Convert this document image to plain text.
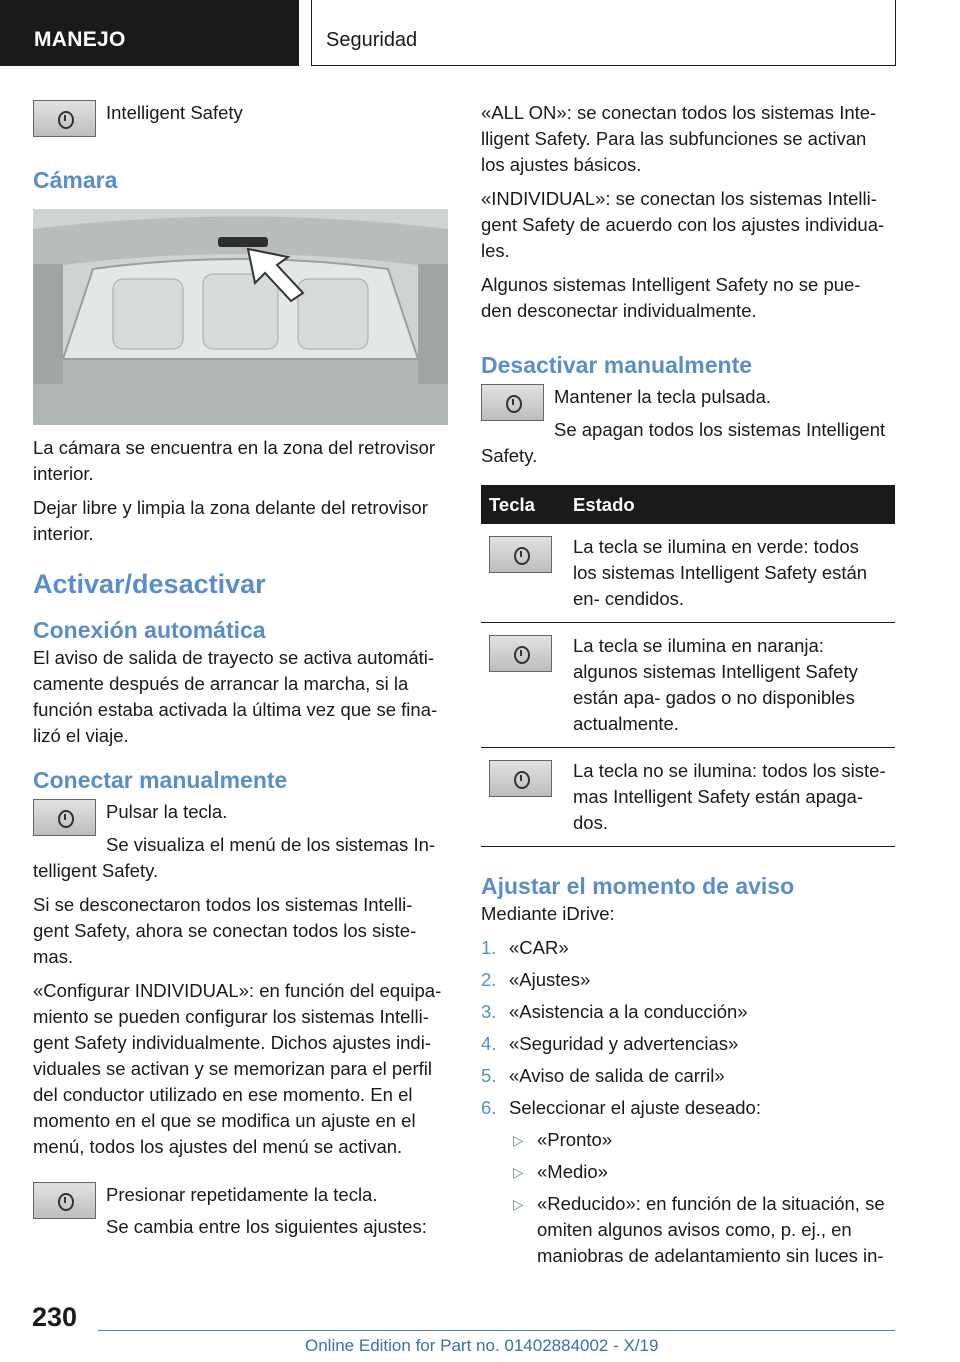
MANEJO	Seguridad
Intelligent Safety
Cámara
La cámara se encuentra en la zona del retrovisor interior.
Dejar libre y limpia la zona delante del retrovisor interior.
Activar/desactivar
Conexión automática
El aviso de salida de trayecto se activa automáti- camente después de arrancar la marcha, si la función estaba activada la última vez que se fina- lizó el viaje.
Conectar manualmente
Pulsar la tecla.
Se visualiza el menú de los sistemas In- telligent Safety.
Si se desconectaron todos los sistemas Intelli- gent Safety, ahora se conectan todos los siste- mas.
«Configurar INDIVIDUAL»: en función del equipa- miento se pueden configurar los sistemas Intelli- gent Safety individualmente. Dichos ajustes indi- viduales se activan y se memorizan para el perfil del conductor utilizado en ese momento. En el momento en el que se modifica un ajuste en el menú, todos los ajustes del menú se activan.
Presionar repetidamente la tecla.
Se cambia entre los siguientes ajustes:
«ALL ON»: se conectan todos los sistemas Inte- lligent Safety. Para las subfunciones se activan los ajustes básicos.
«INDIVIDUAL»: se conectan los sistemas Intelli- gent Safety de acuerdo con los ajustes individua- les.
Algunos sistemas Intelligent Safety no se pue- den desconectar individualmente.
Desactivar manualmente
Mantener la tecla pulsada.
Se apagan todos los sistemas Intelligent Safety.
Tecla	Estado

	La tecla se ilumina en verde: todos los sistemas Intelligent Safety están en- cendidos.

	La tecla se ilumina en naranja: algunos sistemas Intelligent Safety están apa- gados o no disponibles actualmente.

	La tecla no se ilumina: todos los siste- mas Intelligent Safety están apaga- dos.
Ajustar el momento de aviso
Mediante iDrive:
1. «CAR»
2. «Ajustes»
3. «Asistencia a la conducción»
4. «Seguridad y advertencias»
5. «Aviso de salida de carril»
6. Seleccionar el ajuste deseado:
▷ «Pronto»
▷ «Medio»
▷ «Reducido»: en función de la situación, se omiten algunos avisos como, p. ej., en maniobras de adelantamiento sin luces in-
230
Online Edition for Part no. 01402884002 - X/19
